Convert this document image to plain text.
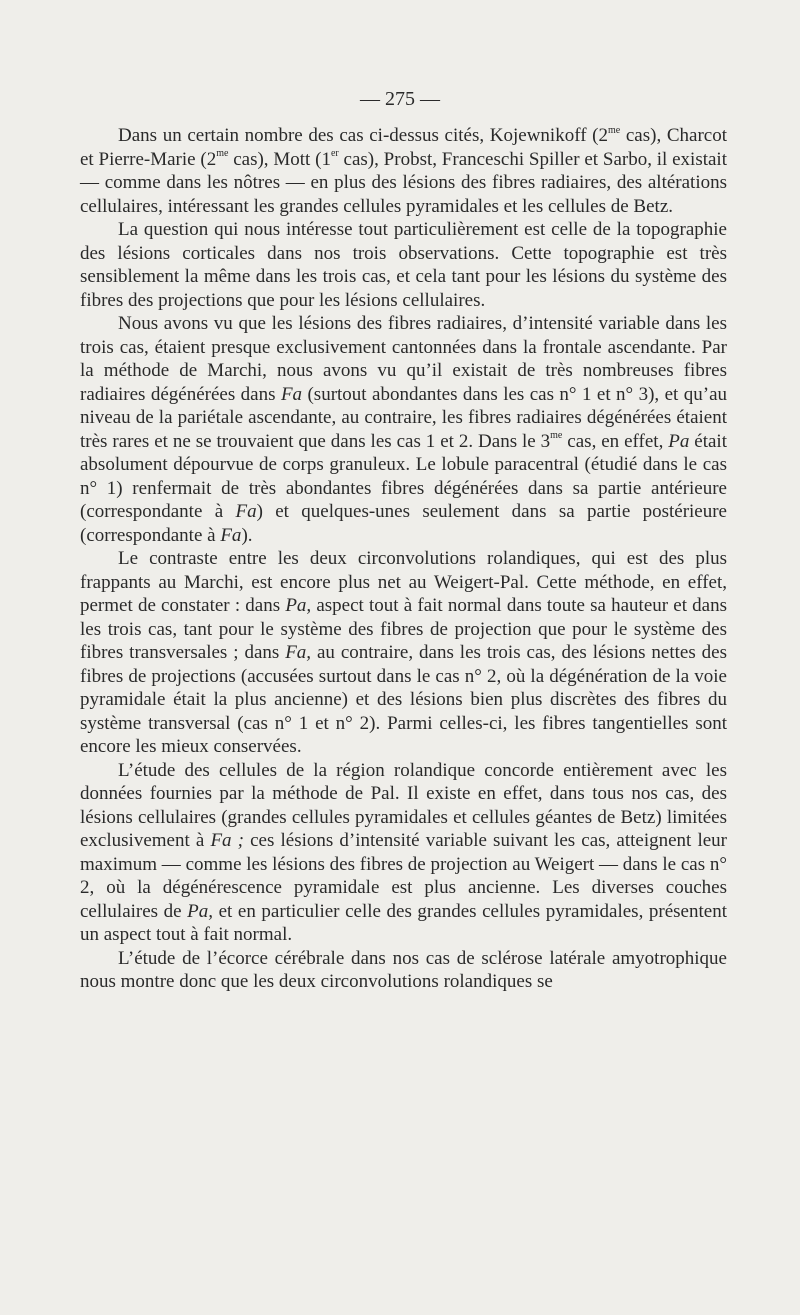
— 275 —

Dans un certain nombre des cas ci-dessus cités, Kojewnikoff ($2^{me}$ cas), Charcot et Pierre-Marie ($2^{me}$ cas), Mott (1er cas), Probst, Franceschi Spiller et Sarbo, il existait — comme dans les nôtres — en plus des lésions des fibres radiaires, des altérations cellulaires, intéressant les grandes cellules pyramidales et les cellules de Betz.

La question qui nous intéresse tout particulièrement est celle de la topographie des lésions corticales dans nos trois observations. Cette topographie est très sensiblement la même dans les trois cas, et cela tant pour les lésions du système des fibres des projections que pour les lésions cellulaires.

Nous avons vu que les lésions des fibres radiaires, d’intensité variable dans les trois cas, étaient presque exclusivement cantonnées dans la frontale ascendante. Par la méthode de Marchi, nous avons vu qu’il existait de très nombreuses fibres radiaires dégénérées dans Fa (surtout abondantes dans les cas n° 1 et n° 3), et qu’au niveau de la pariétale ascendante, au contraire, les fibres radiaires dégénérées étaient très rares et ne se trouvaient que dans les cas 1 et 2. Dans le $3^{me}$ cas, en effet, Pa était absolument dépourvue de corps granuleux. Le lobule paracentral (étudié dans le cas n° 1) renfermait de très abondantes fibres dégénérées dans sa partie antérieure (correspondante à Fa) et quelques-unes seulement dans sa partie postérieure (correspondante à Fa).

Le contraste entre les deux circonvolutions rolandiques, qui est des plus frappants au Marchi, est encore plus net au Weigert-Pal. Cette méthode, en effet, permet de constater : dans Pa, aspect tout à fait normal dans toute sa hauteur et dans les trois cas, tant pour le système des fibres de projection que pour le système des fibres transversales ; dans Fa, au contraire, dans les trois cas, des lésions nettes des fibres de projections (accusées surtout dans le cas n° 2, où la dégénération de la voie pyramidale était la plus ancienne) et des lésions bien plus discrètes des fibres du système transversal (cas n° 1 et n° 2). Parmi celles-ci, les fibres tangentielles sont encore les mieux conservées.

L’étude des cellules de la région rolandique concorde entièrement avec les données fournies par la méthode de Pal. Il existe en effet, dans tous nos cas, des lésions cellulaires (grandes cellules pyramidales et cellules géantes de Betz) limitées exclusivement à Fa ; ces lésions d’intensité variable suivant les cas, atteignent leur maximum — comme les lésions des fibres de projection au Weigert — dans le cas n° 2, où la dégénérescence pyramidale est plus ancienne. Les diverses couches cellulaires de Pa, et en particulier celle des grandes cellules pyramidales, présentent un aspect tout à fait normal.

L’étude de l’écorce cérébrale dans nos cas de sclérose latérale amyotrophique nous montre donc que les deux circonvolutions rolandiques se
